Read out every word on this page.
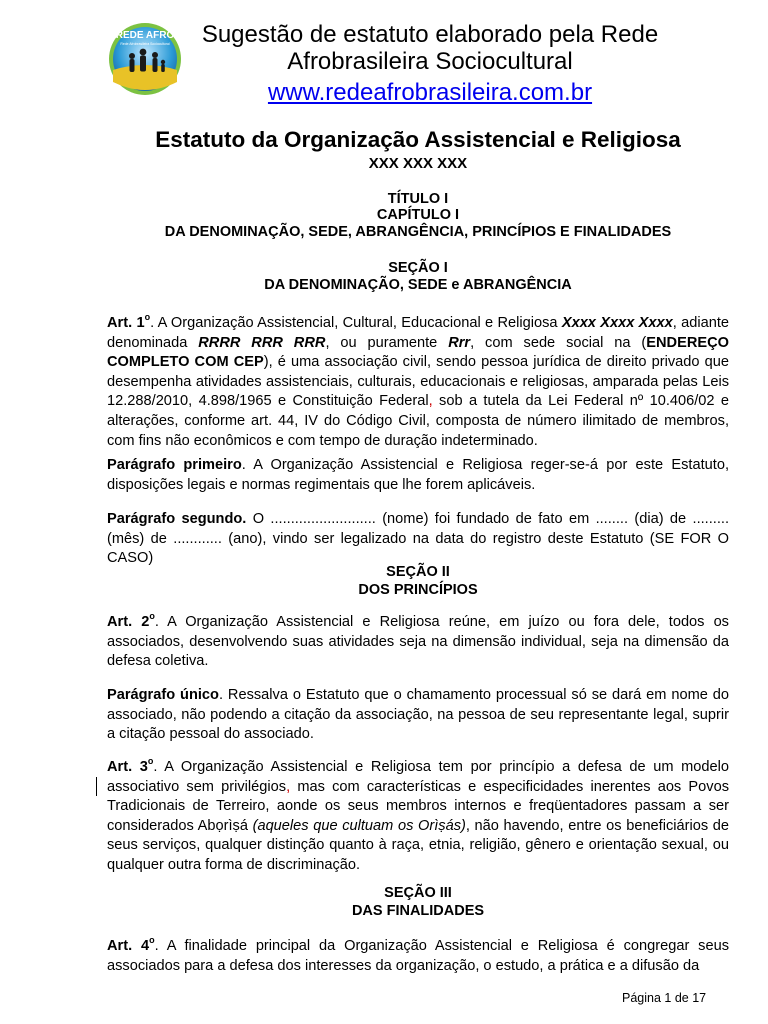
REDE AFRO
Rede Afrobrasileira Sociocultural	Sugestão de estatuto elaborado pela Rede
Afrobrasileira Sociocultural
www.redeafrobrasileira.com.br
Estatuto da Organização Assistencial e Religiosa
XXX XXX XXX
TÍTULO I
CAPÍTULO I
DA DENOMINAÇÃO, SEDE, ABRANGÊNCIA, PRINCÍPIOS E FINALIDADES
SEÇÃO I
DA DENOMINAÇÃO, SEDE e ABRANGÊNCIA
Art. 1$^o$. A Organização Assistencial, Cultural, Educacional e Religiosa Xxxx Xxxx Xxxx, adiante denominada RRRR RRR RRR, ou puramente Rrr, com sede social na (ENDEREÇO COMPLETO COM CEP), é uma associação civil, sendo pessoa jurídica de direito privado que desempenha atividades assistenciais, culturais, educacionais e religiosas, amparada pelas Leis 12.288/2010, 4.898/1965 e Constituição Federal, sob a tutela da Lei Federal nº 10.406/02 e alterações, conforme art. 44, IV do Código Civil, composta de número ilimitado de membros, com fins não econômicos e com tempo de duração indeterminado.
Parágrafo primeiro. A Organização Assistencial e Religiosa reger-se-á por este Estatuto, disposições legais e normas regimentais que lhe forem aplicáveis.
Parágrafo segundo. O .......................... (nome) foi fundado de fato em ........ (dia) de ......... (mês) de ............ (ano), vindo ser legalizado na data do registro deste Estatuto (SE FOR O CASO)
SEÇÃO II
DOS PRINCÍPIOS
Art. 2$^o$. A Organização Assistencial e Religiosa reúne, em juízo ou fora dele, todos os associados, desenvolvendo suas atividades seja na dimensão individual, seja na dimensão da defesa coletiva.
Parágrafo único. Ressalva o Estatuto que o chamamento processual só se dará em nome do associado, não podendo a citação da associação, na pessoa de seu representante legal, suprir a citação pessoal do associado.
Art. 3$^o$. A Organização Assistencial e Religiosa tem por princípio a defesa de um modelo associativo sem privilégios, mas com características e especificidades inerentes aos Povos Tradicionais de Terreiro, aonde os seus membros internos e freqüentadores passam a ser considerados Abọrìṣá (aqueles que cultuam os Orìṣás), não havendo, entre os beneficiários de seus serviços, qualquer distinção quanto à raça, etnia, religião, gênero e orientação sexual, ou qualquer outra forma de discriminação.
SEÇÃO III
DAS FINALIDADES
Art. 4$^o$. A finalidade principal da Organização Assistencial e Religiosa é congregar seus associados para a defesa dos interesses da organização, o estudo, a prática e a difusão da
Página 1 de 17
